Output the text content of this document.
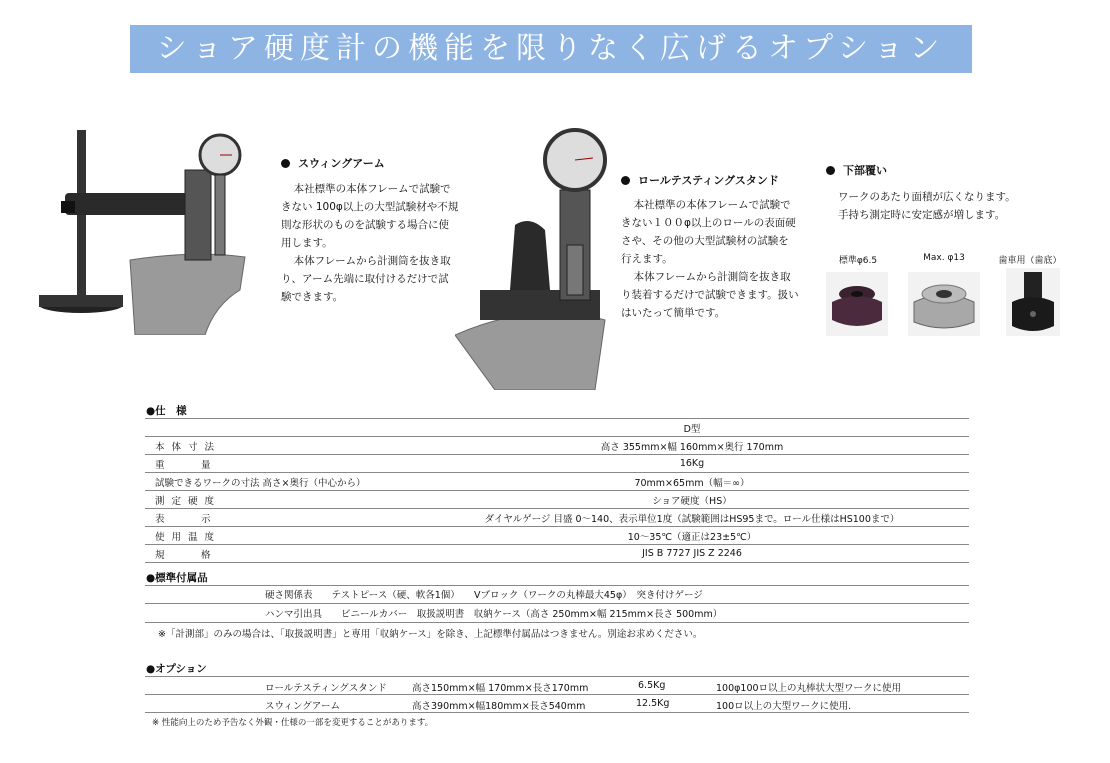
ショア硬度計の機能を限りなく広げるオプション
スウィングアーム

本社標準の本体フレームで試験できない 100φ以上の大型試験材や不規則な形状のものを試験する場合に使用します。

本体フレームから計測筒を抜き取り、アーム先端に取付けるだけで試験できます。

ロールテスティングスタンド

本社標準の本体フレームで試験できない１００φ以上のロールの表面硬さや、その他の大型試験材の試験を行えます。

本体フレームから計測筒を抜き取り装着するだけで試験できます。扱いはいたって簡単です。

下部覆い
ワークのあたり面積が広くなります。
手持ち測定時に安定感が増します。
標準φ6.5	Max. φ13	歯車用（歯底）
●仕　様
	D型
本 体 寸 法	高さ 355mm×幅 160mm×奥行 170mm
重　　　量	16Kg
試験できるワークの寸法 高さ×奥行（中心から）	70mm×65mm（幅＝∞）
測 定 硬 度	ショア硬度（HS）
表　　　示	ダイヤルゲージ 目盛 0〜140、表示単位1度（試験範囲はHS95まで。ロール仕様はHS100まで）
使 用 温 度	10〜35℃（適正は23±5℃）
規　　　格	JIS B 7727 JIS Z 2246
●標準付属品
硬さ関係表　　テストピース（硬、軟各1個）　　Vブロック（ワークの丸棒最大45φ）　突き付けゲージ
ハンマ引出具　　ビニールカバー　取扱説明書　収納ケース（高さ 250mm×幅 215mm×長さ 500mm）
※「計測部」のみの場合は、「取扱説明書」と専用「収納ケース」を除き、上記標準付属品はつきません。別途お求めください。
●オプション
ロールテスティングスタンド	高さ150mm×幅 170mm×長さ170mm	6.5Kg	100φ100ロ以上の丸棒状大型ワークに使用
スウィングアーム	高さ390mm×幅180mm×長さ540mm	12.5Kg	100ロ以上の大型ワークに使用.
※ 性能向上のため予告なく外観・仕様の一部を変更することがあります。
